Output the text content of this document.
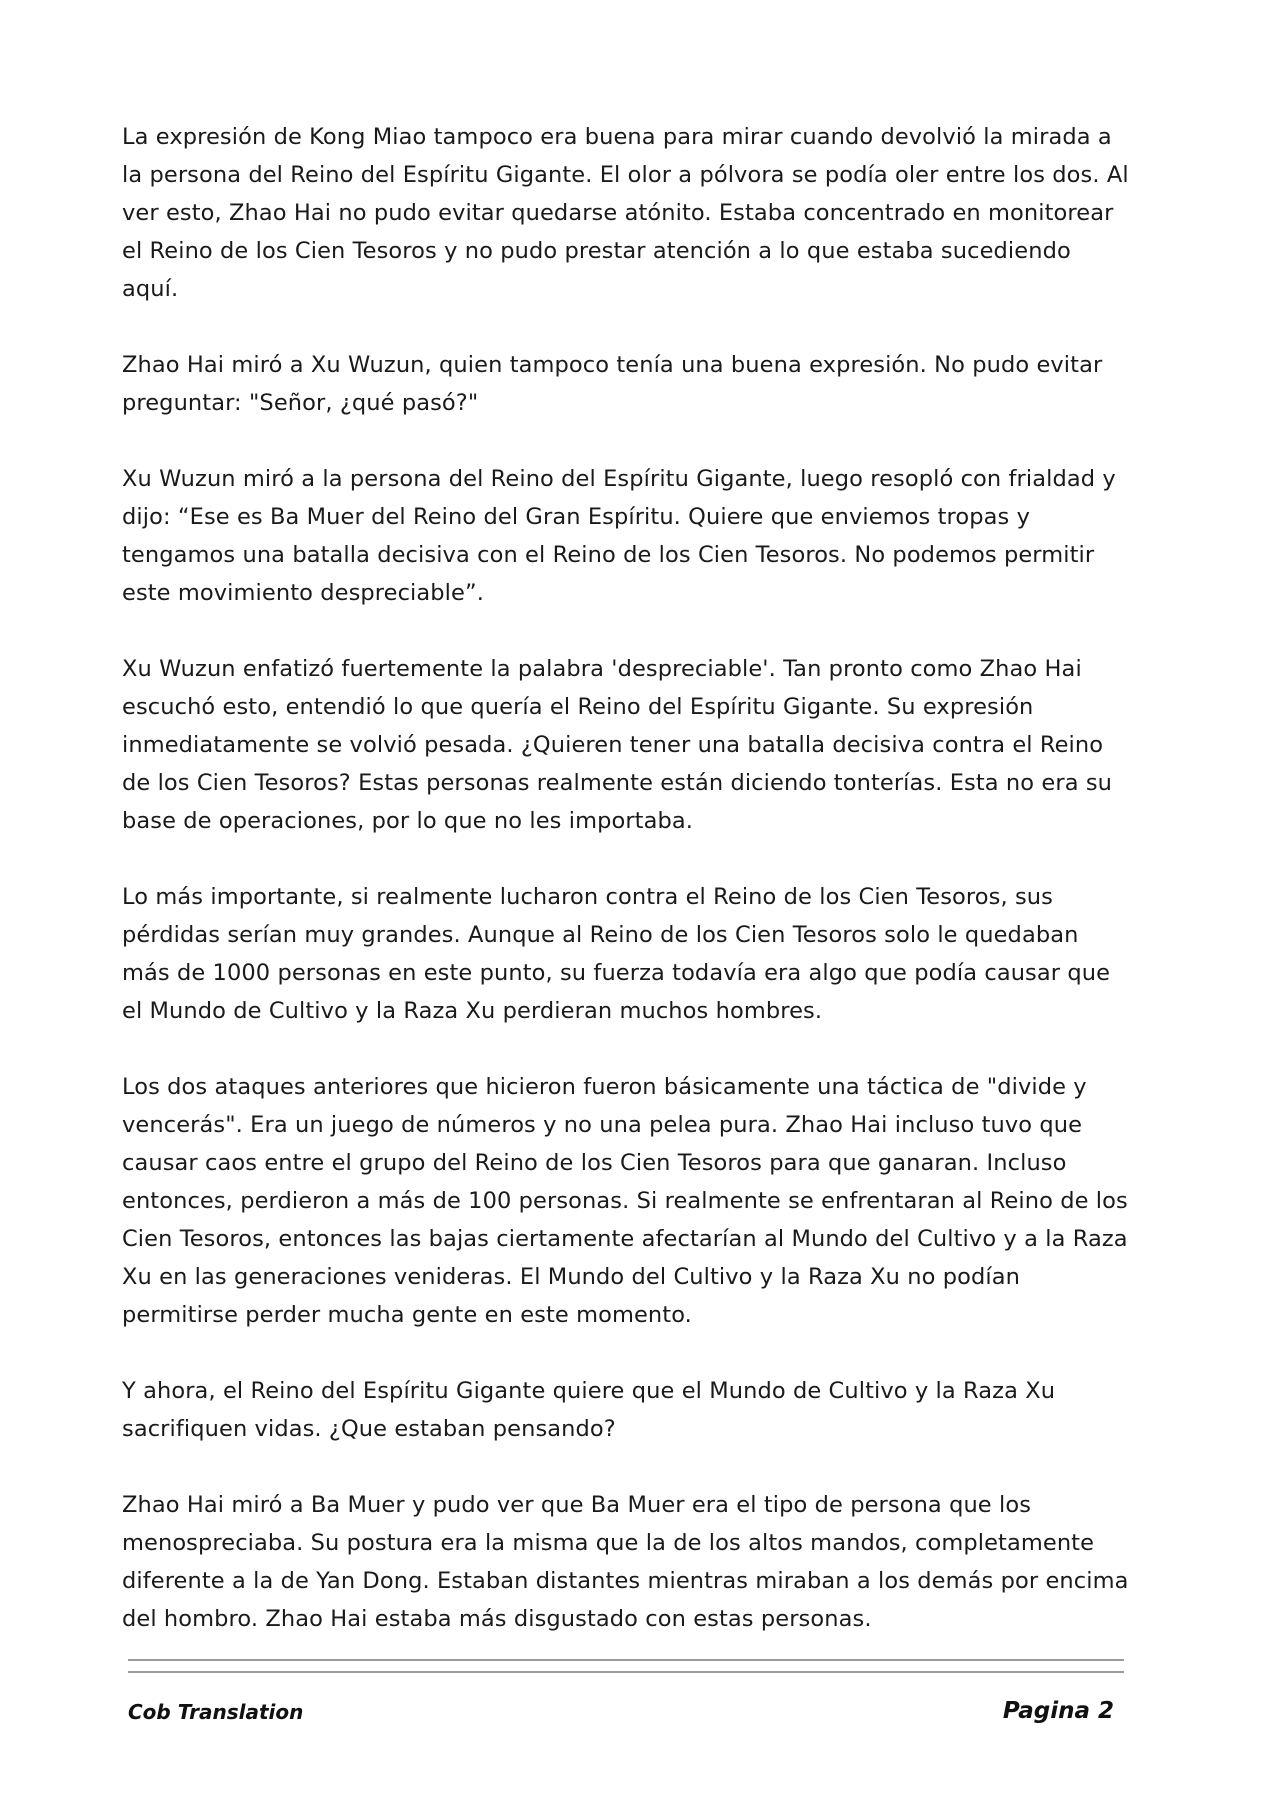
La expresión de Kong Miao tampoco era buena para mirar cuando devolvió la mirada a la persona del Reino del Espíritu Gigante. El olor a pólvora se podía oler entre los dos. Al ver esto, Zhao Hai no pudo evitar quedarse atónito. Estaba concentrado en monitorear el Reino de los Cien Tesoros y no pudo prestar atención a lo que estaba sucediendo aquí.

Zhao Hai miró a Xu Wuzun, quien tampoco tenía una buena expresión. No pudo evitar preguntar: "Señor, ¿qué pasó?"

Xu Wuzun miró a la persona del Reino del Espíritu Gigante, luego resopló con frialdad y dijo: “Ese es Ba Muer del Reino del Gran Espíritu. Quiere que enviemos tropas y tengamos una batalla decisiva con el Reino de los Cien Tesoros. No podemos permitir este movimiento despreciable”.

Xu Wuzun enfatizó fuertemente la palabra 'despreciable'. Tan pronto como Zhao Hai escuchó esto, entendió lo que quería el Reino del Espíritu Gigante. Su expresión inmediatamente se volvió pesada. ¿Quieren tener una batalla decisiva contra el Reino de los Cien Tesoros? Estas personas realmente están diciendo tonterías. Esta no era su base de operaciones, por lo que no les importaba.

Lo más importante, si realmente lucharon contra el Reino de los Cien Tesoros, sus pérdidas serían muy grandes. Aunque al Reino de los Cien Tesoros solo le quedaban más de 1000 personas en este punto, su fuerza todavía era algo que podía causar que el Mundo de Cultivo y la Raza Xu perdieran muchos hombres.

Los dos ataques anteriores que hicieron fueron básicamente una táctica de "divide y vencerás". Era un juego de números y no una pelea pura. Zhao Hai incluso tuvo que causar caos entre el grupo del Reino de los Cien Tesoros para que ganaran. Incluso entonces, perdieron a más de 100 personas. Si realmente se enfrentaran al Reino de los Cien Tesoros, entonces las bajas ciertamente afectarían al Mundo del Cultivo y a la Raza Xu en las generaciones venideras. El Mundo del Cultivo y la Raza Xu no podían permitirse perder mucha gente en este momento.

Y ahora, el Reino del Espíritu Gigante quiere que el Mundo de Cultivo y la Raza Xu sacrifiquen vidas. ¿Que estaban pensando?

Zhao Hai miró a Ba Muer y pudo ver que Ba Muer era el tipo de persona que los menospreciaba. Su postura era la misma que la de los altos mandos, completamente diferente a la de Yan Dong. Estaban distantes mientras miraban a los demás por encima del hombro. Zhao Hai estaba más disgustado con estas personas.

Cob Translation	Pagina 2
